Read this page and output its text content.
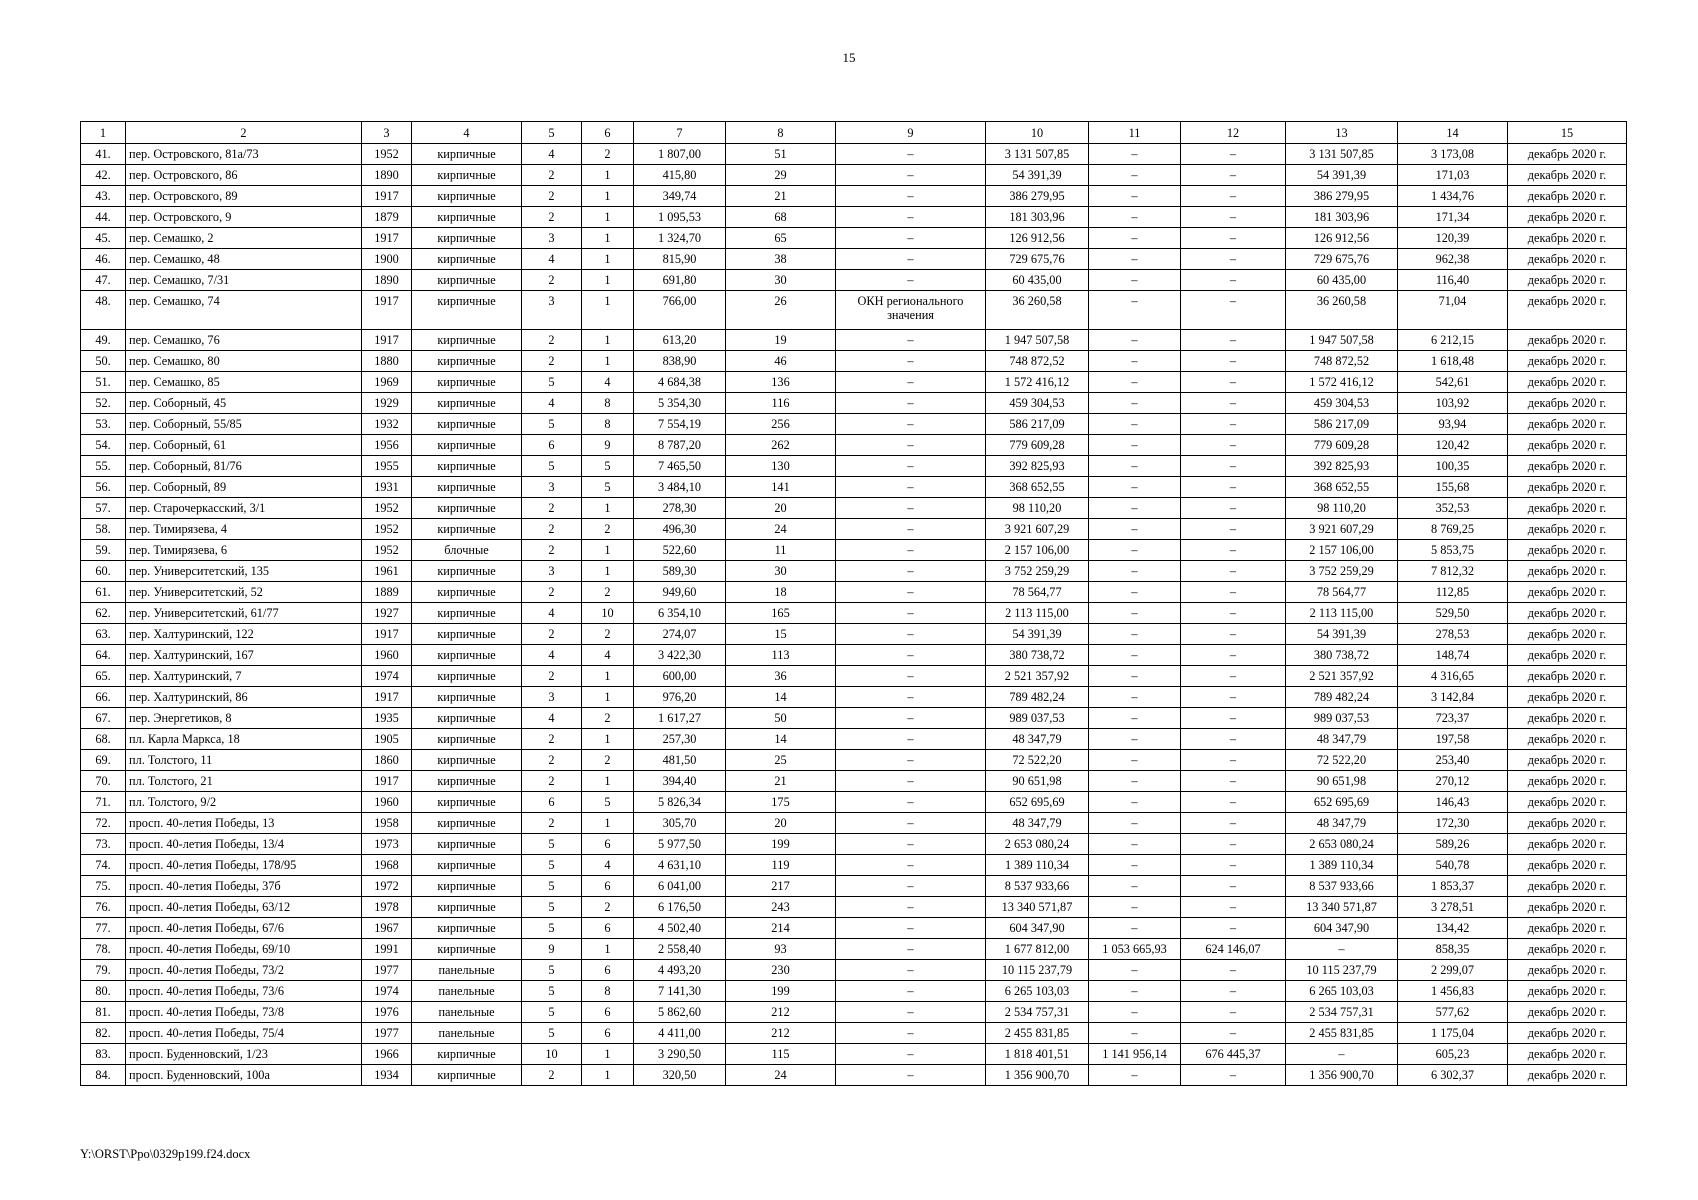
15
1	2	3	4	5	6	7	8	9	10	11	12	13	14	15
41.	пер. Островского, 81а/73	1952	кирпичные	4	2	1 807,00	51	–	3 131 507,85	–	–	3 131 507,85	3 173,08	декабрь 2020 г.
42.	пер. Островского, 86	1890	кирпичные	2	1	415,80	29	–	54 391,39	–	–	54 391,39	171,03	декабрь 2020 г.
43.	пер. Островского, 89	1917	кирпичные	2	1	349,74	21	–	386 279,95	–	–	386 279,95	1 434,76	декабрь 2020 г.
44.	пер. Островского, 9	1879	кирпичные	2	1	1 095,53	68	–	181 303,96	–	–	181 303,96	171,34	декабрь 2020 г.
45.	пер. Семашко, 2	1917	кирпичные	3	1	1 324,70	65	–	126 912,56	–	–	126 912,56	120,39	декабрь 2020 г.
46.	пер. Семашко, 48	1900	кирпичные	4	1	815,90	38	–	729 675,76	–	–	729 675,76	962,38	декабрь 2020 г.
47.	пер. Семашко, 7/31	1890	кирпичные	2	1	691,80	30	–	60 435,00	–	–	60 435,00	116,40	декабрь 2020 г.
48.	пер. Семашко, 74	1917	кирпичные	3	1	766,00	26	ОКН регионального значения	36 260,58	–	–	36 260,58	71,04	декабрь 2020 г.
49.	пер. Семашко, 76	1917	кирпичные	2	1	613,20	19	–	1 947 507,58	–	–	1 947 507,58	6 212,15	декабрь 2020 г.
50.	пер. Семашко, 80	1880	кирпичные	2	1	838,90	46	–	748 872,52	–	–	748 872,52	1 618,48	декабрь 2020 г.
51.	пер. Семашко, 85	1969	кирпичные	5	4	4 684,38	136	–	1 572 416,12	–	–	1 572 416,12	542,61	декабрь 2020 г.
52.	пер. Соборный, 45	1929	кирпичные	4	8	5 354,30	116	–	459 304,53	–	–	459 304,53	103,92	декабрь 2020 г.
53.	пер. Соборный, 55/85	1932	кирпичные	5	8	7 554,19	256	–	586 217,09	–	–	586 217,09	93,94	декабрь 2020 г.
54.	пер. Соборный, 61	1956	кирпичные	6	9	8 787,20	262	–	779 609,28	–	–	779 609,28	120,42	декабрь 2020 г.
55.	пер. Соборный, 81/76	1955	кирпичные	5	5	7 465,50	130	–	392 825,93	–	–	392 825,93	100,35	декабрь 2020 г.
56.	пер. Соборный, 89	1931	кирпичные	3	5	3 484,10	141	–	368 652,55	–	–	368 652,55	155,68	декабрь 2020 г.
57.	пер. Старочеркасский, 3/1	1952	кирпичные	2	1	278,30	20	–	98 110,20	–	–	98 110,20	352,53	декабрь 2020 г.
58.	пер. Тимирязева, 4	1952	кирпичные	2	2	496,30	24	–	3 921 607,29	–	–	3 921 607,29	8 769,25	декабрь 2020 г.
59.	пер. Тимирязева, 6	1952	блочные	2	1	522,60	11	–	2 157 106,00	–	–	2 157 106,00	5 853,75	декабрь 2020 г.
60.	пер. Университетский, 135	1961	кирпичные	3	1	589,30	30	–	3 752 259,29	–	–	3 752 259,29	7 812,32	декабрь 2020 г.
61.	пер. Университетский, 52	1889	кирпичные	2	2	949,60	18	–	78 564,77	–	–	78 564,77	112,85	декабрь 2020 г.
62.	пер. Университетский, 61/77	1927	кирпичные	4	10	6 354,10	165	–	2 113 115,00	–	–	2 113 115,00	529,50	декабрь 2020 г.
63.	пер. Халтуринский, 122	1917	кирпичные	2	2	274,07	15	–	54 391,39	–	–	54 391,39	278,53	декабрь 2020 г.
64.	пер. Халтуринский, 167	1960	кирпичные	4	4	3 422,30	113	–	380 738,72	–	–	380 738,72	148,74	декабрь 2020 г.
65.	пер. Халтуринский, 7	1974	кирпичные	2	1	600,00	36	–	2 521 357,92	–	–	2 521 357,92	4 316,65	декабрь 2020 г.
66.	пер. Халтуринский, 86	1917	кирпичные	3	1	976,20	14	–	789 482,24	–	–	789 482,24	3 142,84	декабрь 2020 г.
67.	пер. Энергетиков, 8	1935	кирпичные	4	2	1 617,27	50	–	989 037,53	–	–	989 037,53	723,37	декабрь 2020 г.
68.	пл. Карла Маркса, 18	1905	кирпичные	2	1	257,30	14	–	48 347,79	–	–	48 347,79	197,58	декабрь 2020 г.
69.	пл. Толстого, 11	1860	кирпичные	2	2	481,50	25	–	72 522,20	–	–	72 522,20	253,40	декабрь 2020 г.
70.	пл. Толстого, 21	1917	кирпичные	2	1	394,40	21	–	90 651,98	–	–	90 651,98	270,12	декабрь 2020 г.
71.	пл. Толстого, 9/2	1960	кирпичные	6	5	5 826,34	175	–	652 695,69	–	–	652 695,69	146,43	декабрь 2020 г.
72.	просп. 40-летия Победы, 13	1958	кирпичные	2	1	305,70	20	–	48 347,79	–	–	48 347,79	172,30	декабрь 2020 г.
73.	просп. 40-летия Победы, 13/4	1973	кирпичные	5	6	5 977,50	199	–	2 653 080,24	–	–	2 653 080,24	589,26	декабрь 2020 г.
74.	просп. 40-летия Победы, 178/95	1968	кирпичные	5	4	4 631,10	119	–	1 389 110,34	–	–	1 389 110,34	540,78	декабрь 2020 г.
75.	просп. 40-летия Победы, 37б	1972	кирпичные	5	6	6 041,00	217	–	8 537 933,66	–	–	8 537 933,66	1 853,37	декабрь 2020 г.
76.	просп. 40-летия Победы, 63/12	1978	кирпичные	5	2	6 176,50	243	–	13 340 571,87	–	–	13 340 571,87	3 278,51	декабрь 2020 г.
77.	просп. 40-летия Победы, 67/6	1967	кирпичные	5	6	4 502,40	214	–	604 347,90	–	–	604 347,90	134,42	декабрь 2020 г.
78.	просп. 40-летия Победы, 69/10	1991	кирпичные	9	1	2 558,40	93	–	1 677 812,00	1 053 665,93	624 146,07	–	858,35	декабрь 2020 г.
79.	просп. 40-летия Победы, 73/2	1977	панельные	5	6	4 493,20	230	–	10 115 237,79	–	–	10 115 237,79	2 299,07	декабрь 2020 г.
80.	просп. 40-летия Победы, 73/6	1974	панельные	5	8	7 141,30	199	–	6 265 103,03	–	–	6 265 103,03	1 456,83	декабрь 2020 г.
81.	просп. 40-летия Победы, 73/8	1976	панельные	5	6	5 862,60	212	–	2 534 757,31	–	–	2 534 757,31	577,62	декабрь 2020 г.
82.	просп. 40-летия Победы, 75/4	1977	панельные	5	6	4 411,00	212	–	2 455 831,85	–	–	2 455 831,85	1 175,04	декабрь 2020 г.
83.	просп. Буденновский, 1/23	1966	кирпичные	10	1	3 290,50	115	–	1 818 401,51	1 141 956,14	676 445,37	–	605,23	декабрь 2020 г.
84.	просп. Буденновский, 100а	1934	кирпичные	2	1	320,50	24	–	1 356 900,70	–	–	1 356 900,70	6 302,37	декабрь 2020 г.
Y:\ORST\Ppo\0329p199.f24.docx
